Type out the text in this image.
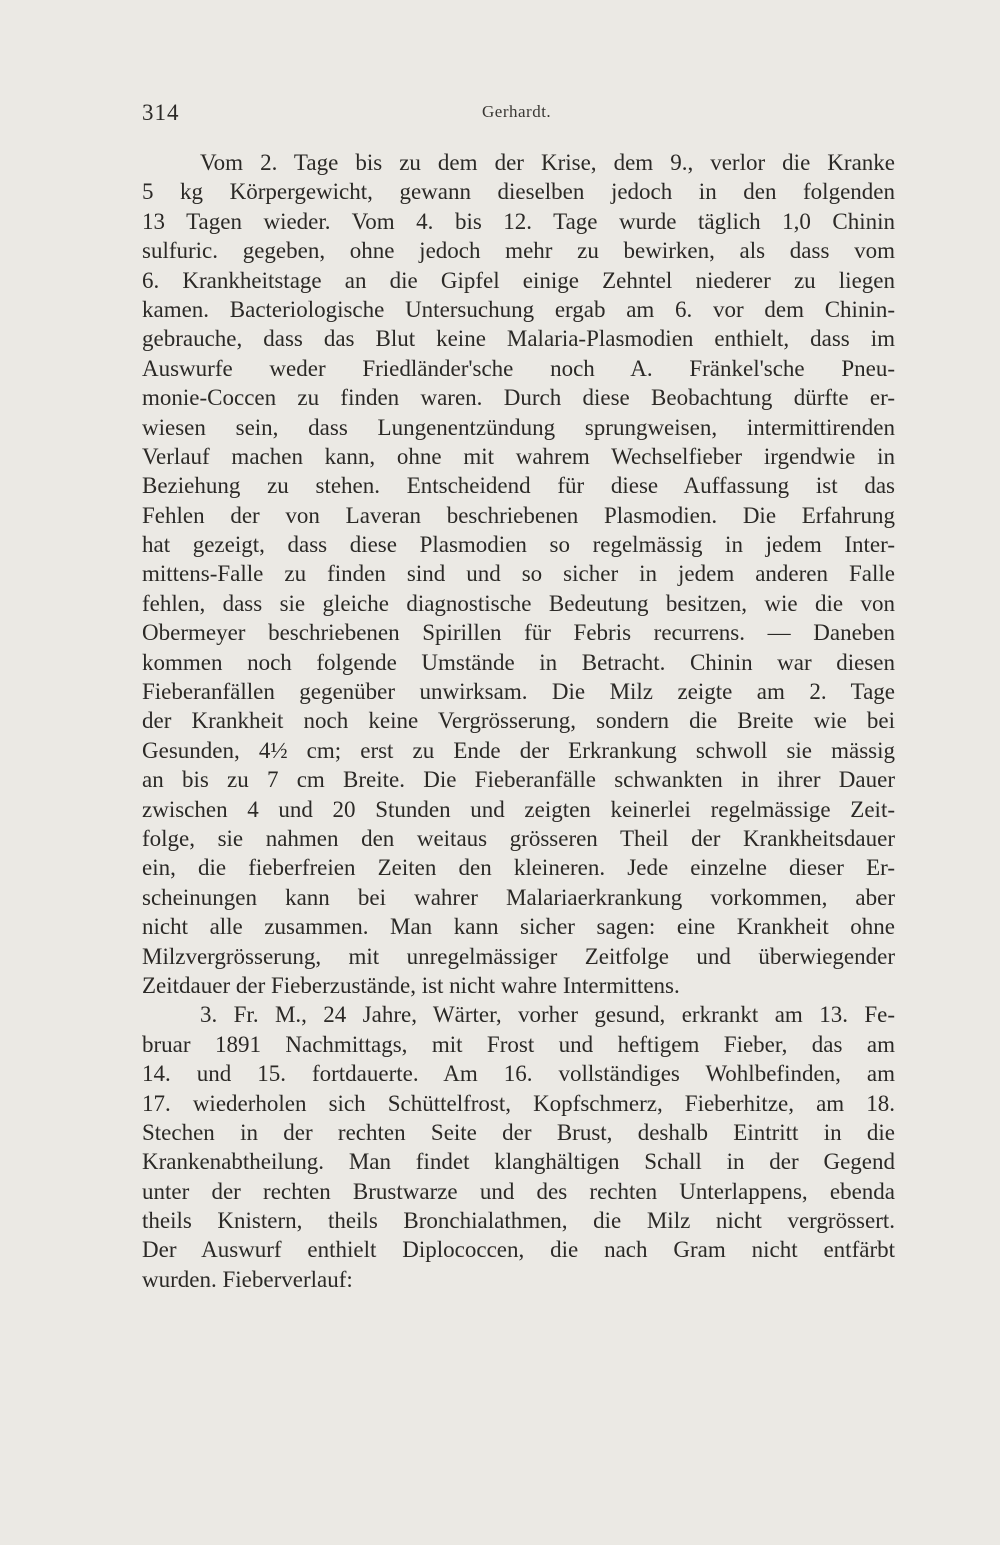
314	Gerhardt.
Vom 2. Tage bis zu dem der Krise, dem 9., verlor die Kranke
5 kg Körpergewicht, gewann dieselben jedoch in den folgenden
13 Tagen wieder. Vom 4. bis 12. Tage wurde täglich 1,0 Chinin
sulfuric. gegeben, ohne jedoch mehr zu bewirken, als dass vom
6. Krankheitstage an die Gipfel einige Zehntel niederer zu liegen
kamen. Bacteriologische Untersuchung ergab am 6. vor dem Chinin-
gebrauche, dass das Blut keine Malaria-Plasmodien enthielt, dass im
Auswurfe weder Friedländer'sche noch A. Fränkel'sche Pneu-
monie-Coccen zu finden waren. Durch diese Beobachtung dürfte er-
wiesen sein, dass Lungenentzündung sprungweisen, intermittirenden
Verlauf machen kann, ohne mit wahrem Wechselfieber irgendwie in
Beziehung zu stehen. Entscheidend für diese Auffassung ist das
Fehlen der von Laveran beschriebenen Plasmodien. Die Erfahrung
hat gezeigt, dass diese Plasmodien so regelmässig in jedem Inter-
mittens-Falle zu finden sind und so sicher in jedem anderen Falle
fehlen, dass sie gleiche diagnostische Bedeutung besitzen, wie die von
Obermeyer beschriebenen Spirillen für Febris recurrens. — Daneben
kommen noch folgende Umstände in Betracht. Chinin war diesen
Fieberanfällen gegenüber unwirksam. Die Milz zeigte am 2. Tage
der Krankheit noch keine Vergrösserung, sondern die Breite wie bei
Gesunden, 4½ cm; erst zu Ende der Erkrankung schwoll sie mässig
an bis zu 7 cm Breite. Die Fieberanfälle schwankten in ihrer Dauer
zwischen 4 und 20 Stunden und zeigten keinerlei regelmässige Zeit-
folge, sie nahmen den weitaus grösseren Theil der Krankheitsdauer
ein, die fieberfreien Zeiten den kleineren. Jede einzelne dieser Er-
scheinungen kann bei wahrer Malariaerkrankung vorkommen, aber
nicht alle zusammen. Man kann sicher sagen: eine Krankheit ohne
Milzvergrösserung, mit unregelmässiger Zeitfolge und überwiegender
Zeitdauer der Fieberzustände, ist nicht wahre Intermittens.
3. Fr. M., 24 Jahre, Wärter, vorher gesund, erkrankt am 13. Fe-
bruar 1891 Nachmittags, mit Frost und heftigem Fieber, das am
14. und 15. fortdauerte. Am 16. vollständiges Wohlbefinden, am
17. wiederholen sich Schüttelfrost, Kopfschmerz, Fieberhitze, am 18.
Stechen in der rechten Seite der Brust, deshalb Eintritt in die
Krankenabtheilung. Man findet klanghältigen Schall in der Gegend
unter der rechten Brustwarze und des rechten Unterlappens, ebenda
theils Knistern, theils Bronchialathmen, die Milz nicht vergrössert.
Der Auswurf enthielt Diplococcen, die nach Gram nicht entfärbt
wurden. Fieberverlauf:
